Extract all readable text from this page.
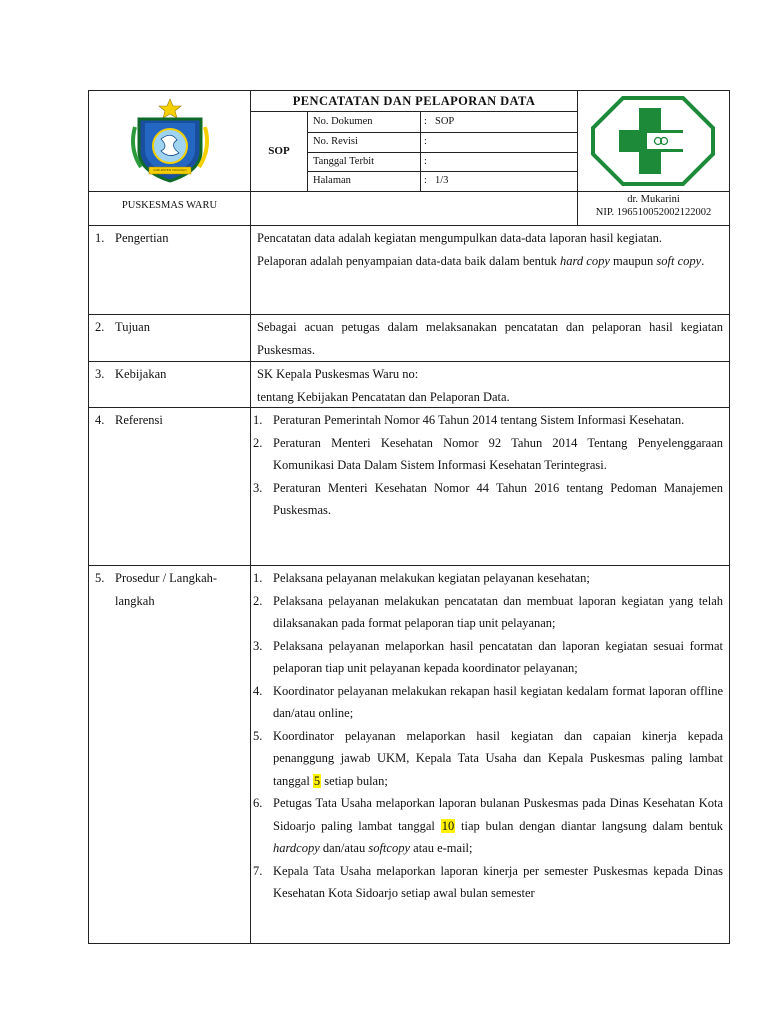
KABUPATEN SIDOARJO
PENCATATAN DAN PELAPORAN DATA
SOP
No. Dokumen	: SOP
No. Revisi	:
Tanggal Terbit	:
Halaman	: 1/3
PUSKESMAS WARU
dr. Mukarini
NIP. 196510052002122002
1. Pengertian	Pencatatan data adalah kegiatan mengumpulkan data-data laporan hasil kegiatan.

Pelaporan adalah penyampaian data-data baik dalam bentuk hard copy maupun soft copy.

2. Tujuan	Sebagai acuan petugas dalam melaksanakan pencatatan dan pelaporan hasil kegiatan Puskesmas.
3. Kebijakan	SK Kepala Puskesmas Waru no:

tentang Kebijakan Pencatatan dan Pelaporan Data.

4. Referensi	1. Peraturan Pemerintah Nomor 46 Tahun 2014 tentang Sistem Informasi Kesehatan.
2. Peraturan Menteri Kesehatan Nomor 92 Tahun 2014 Tentang Penyelenggaraan Komunikasi Data Dalam Sistem Informasi Kesehatan Terintegrasi.
3. Peraturan Menteri Kesehatan Nomor 44 Tahun 2016 tentang Pedoman Manajemen Puskesmas.
5. Prosedur / Langkah-langkah
1. Pelaksana pelayanan melakukan kegiatan pelayanan kesehatan;
2. Pelaksana pelayanan melakukan pencatatan dan membuat laporan kegiatan yang telah dilaksanakan pada format pelaporan tiap unit pelayanan;
3. Pelaksana pelayanan melaporkan hasil pencatatan dan laporan kegiatan sesuai format pelaporan tiap unit pelayanan kepada koordinator pelayanan;
4. Koordinator pelayanan melakukan rekapan hasil kegiatan kedalam format laporan offline dan/atau online;
5. Koordinator pelayanan melaporkan hasil kegiatan dan capaian kinerja kepada penanggung jawab UKM, Kepala Tata Usaha dan Kepala Puskesmas paling lambat tanggal 5 setiap bulan;
6. Petugas Tata Usaha melaporkan laporan bulanan Puskesmas pada Dinas Kesehatan Kota Sidoarjo paling lambat tanggal 10 tiap bulan dengan diantar langsung dalam bentuk hardcopy dan/atau softcopy atau e-mail;
7. Kepala Tata Usaha melaporkan laporan kinerja per semester Puskesmas kepada Dinas Kesehatan Kota Sidoarjo setiap awal bulan semester
